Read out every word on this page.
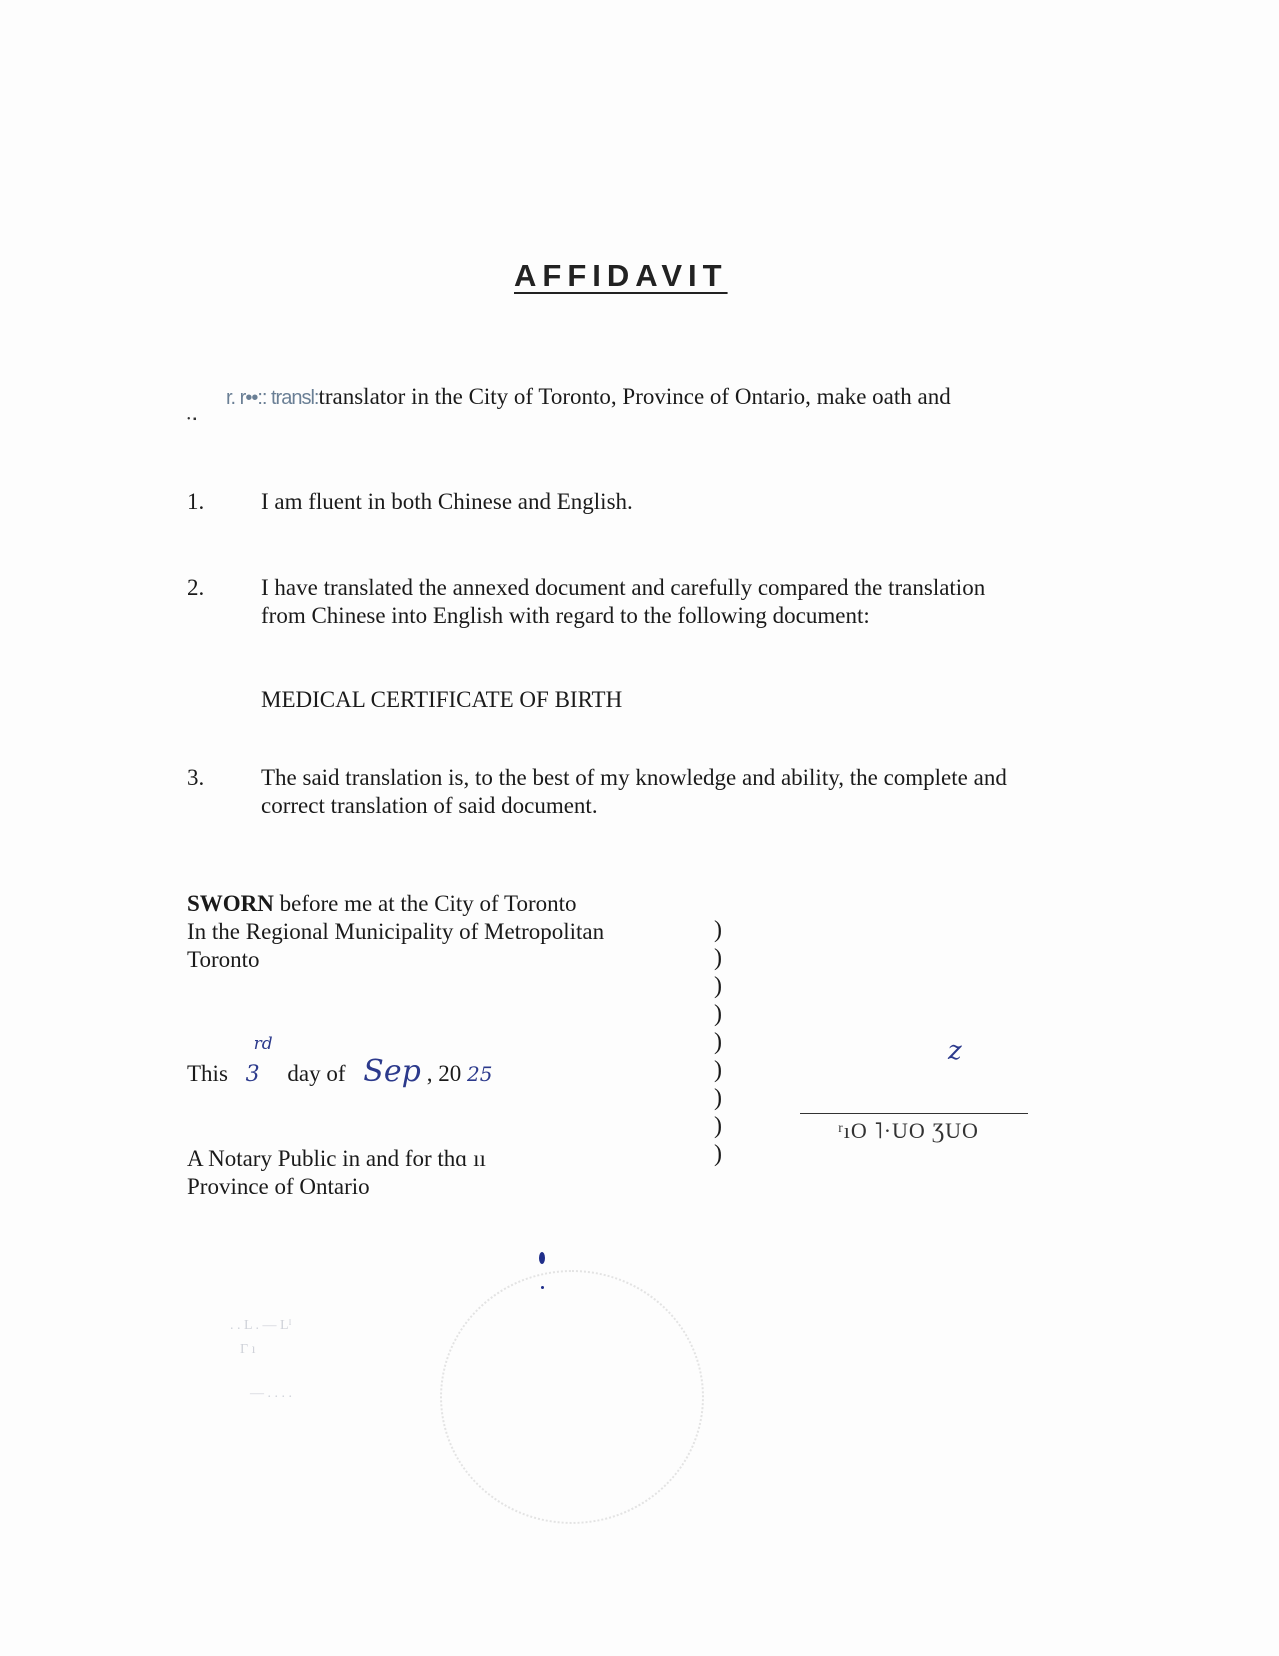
AFFIDAVIT
r. r••:: transl:translator in the City of Toronto, Province of Ontario, make oath and
• ▪
1.	I am fluent in both Chinese and English.
2.	I have translated the annexed document and carefully compared the translation
from Chinese into English with regard to the following document:
MEDICAL CERTIFICATE OF BIRTH
3.	The said translation is, to the best of my knowledge and ability, the complete and
correct translation of said document.
SWORN before me at the City of Toronto
In the Regional Municipality of Metropolitan
Toronto
)
)
)
)
)
)
)
)
)
This 3
rd
day of Sep , 20 25
A Notary Public in and for thɑ ıı
Province of Ontario
z
ʳıO ˥·UO ƷUO
. . L . — Lᴵ
Γ ı
— . . . .
